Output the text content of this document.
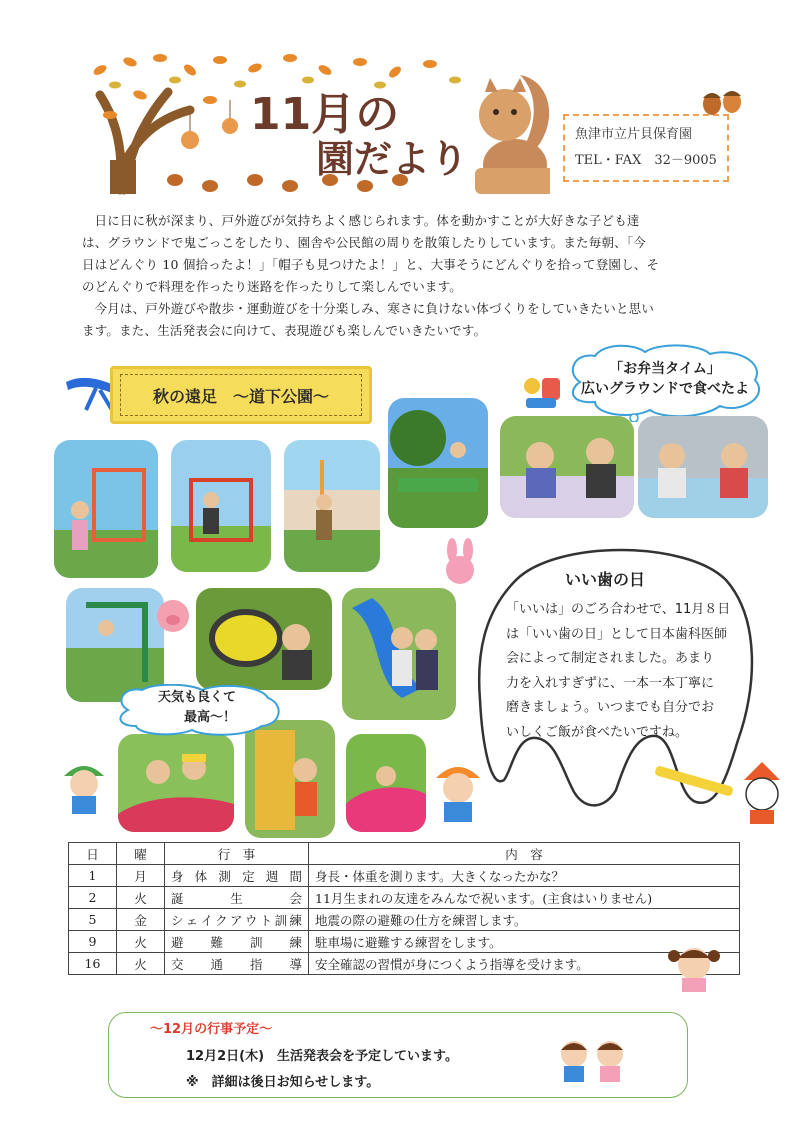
11月の
園だより
魚津市立片貝保育園
TEL・FAX　32－9005
日に日に秋が深まり、戸外遊びが気持ちよく感じられます。体を動かすことが大好きな子ども達
は、グラウンドで鬼ごっこをしたり、園舎や公民館の周りを散策したりしています。また毎朝、「今
日はどんぐり 10 個拾ったよ！」「帽子も見つけたよ！」と、大事そうにどんぐりを拾って登園し、そ
のどんぐりで料理を作ったり迷路を作ったりして楽しんでいます。
今月は、戸外遊びや散歩・運動遊びを十分楽しみ、寒さに負けない体づくりをしていきたいと思い
ます。また、生活発表会に向けて、表現遊びも楽しんでいきたいです。
秋の遠足　～道下公園～
「お弁当タイム」
広いグラウンドで食べたよ
天気も良くて
最高～！
いい歯の日
「いいは」のごろ合わせで、11月８日
は「いい歯の日」として日本歯科医師
会によって制定されました。あまり
力を入れすぎずに、一本一本丁寧に
磨きましょう。いつまでも自分でお
いしくご飯が食べたいですね。
日	曜	行　事	内　容
1	月	身体測定週間	身長・体重を測ります。大きくなったかな？
2	火	誕生会	11月生まれの友達をみんなで祝います。(主食はいりません)
5	金	シェイクアウト訓練	地震の際の避難の仕方を練習します。
9	火	避難訓練	駐車場に避難する練習をします。
16	火	交通指導	安全確認の習慣が身につくよう指導を受けます。
～12月の行事予定～
12月2日(木)　生活発表会を予定しています。
※　詳細は後日お知らせします。
